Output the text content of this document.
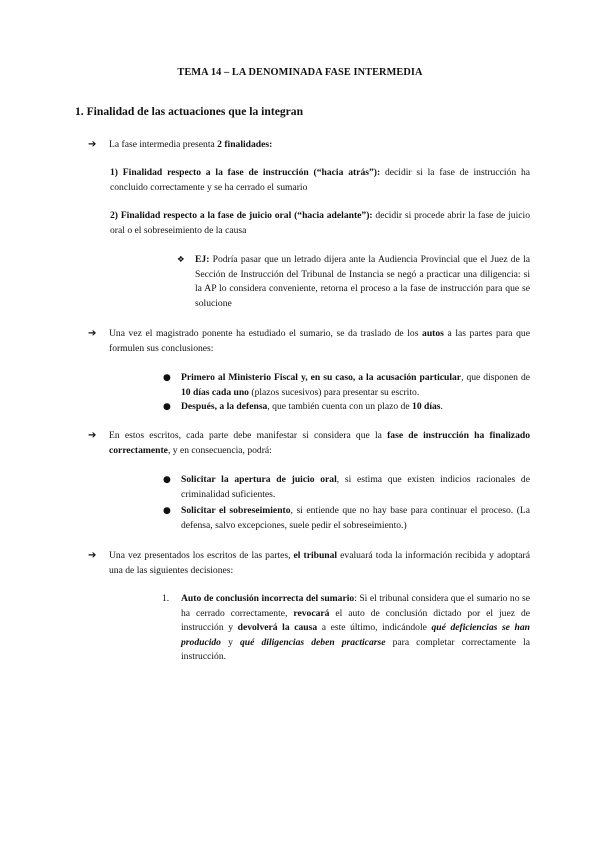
TEMA 14 – LA DENOMINADA FASE INTERMEDIA
1. Finalidad de las actuaciones que la integran
➔	La fase intermedia presenta 2 finalidades:
1) Finalidad respecto a la fase de instrucción (“hacia atrás”): decidir si la fase de instrucción ha concluido correctamente y se ha cerrado el sumario
2) Finalidad respecto a la fase de juicio oral (“hacia adelante”): decidir si procede abrir la fase de juicio oral o el sobreseimiento de la causa
❖ EJ: Podría pasar que un letrado dijera ante la Audiencia Provincial que el Juez de la Sección de Instrucción del Tribunal de Instancia se negó a practicar una diligencia: si la AP lo considera conveniente, retorna el proceso a la fase de instrucción para que se solucione
➔	Una vez el magistrado ponente ha estudiado el sumario, se da traslado de los autos a las partes para que formulen sus conclusiones:
● Primero al Ministerio Fiscal y, en su caso, a la acusación particular, que disponen de 10 días cada uno (plazos sucesivos) para presentar su escrito.
● Después, a la defensa, que también cuenta con un plazo de 10 días.
➔	En estos escritos, cada parte debe manifestar si considera que la fase de instrucción ha finalizado correctamente, y en consecuencia, podrá:
● Solicitar la apertura de juicio oral, si estima que existen indicios racionales de criminalidad suficientes.
● Solicitar el sobreseimiento, si entiende que no hay base para continuar el proceso. (La defensa, salvo excepciones, suele pedir el sobreseimiento.)
➔	Una vez presentados los escritos de las partes, el tribunal evaluará toda la información recibida y adoptará una de las siguientes decisiones:
1. Auto de conclusión incorrecta del sumario: Si el tribunal considera que el sumario no se ha cerrado correctamente, revocará el auto de conclusión dictado por el juez de instrucción y devolverá la causa a este último, indicándole qué deficiencias se han producido y qué diligencias deben practicarse para completar correctamente la instrucción.
